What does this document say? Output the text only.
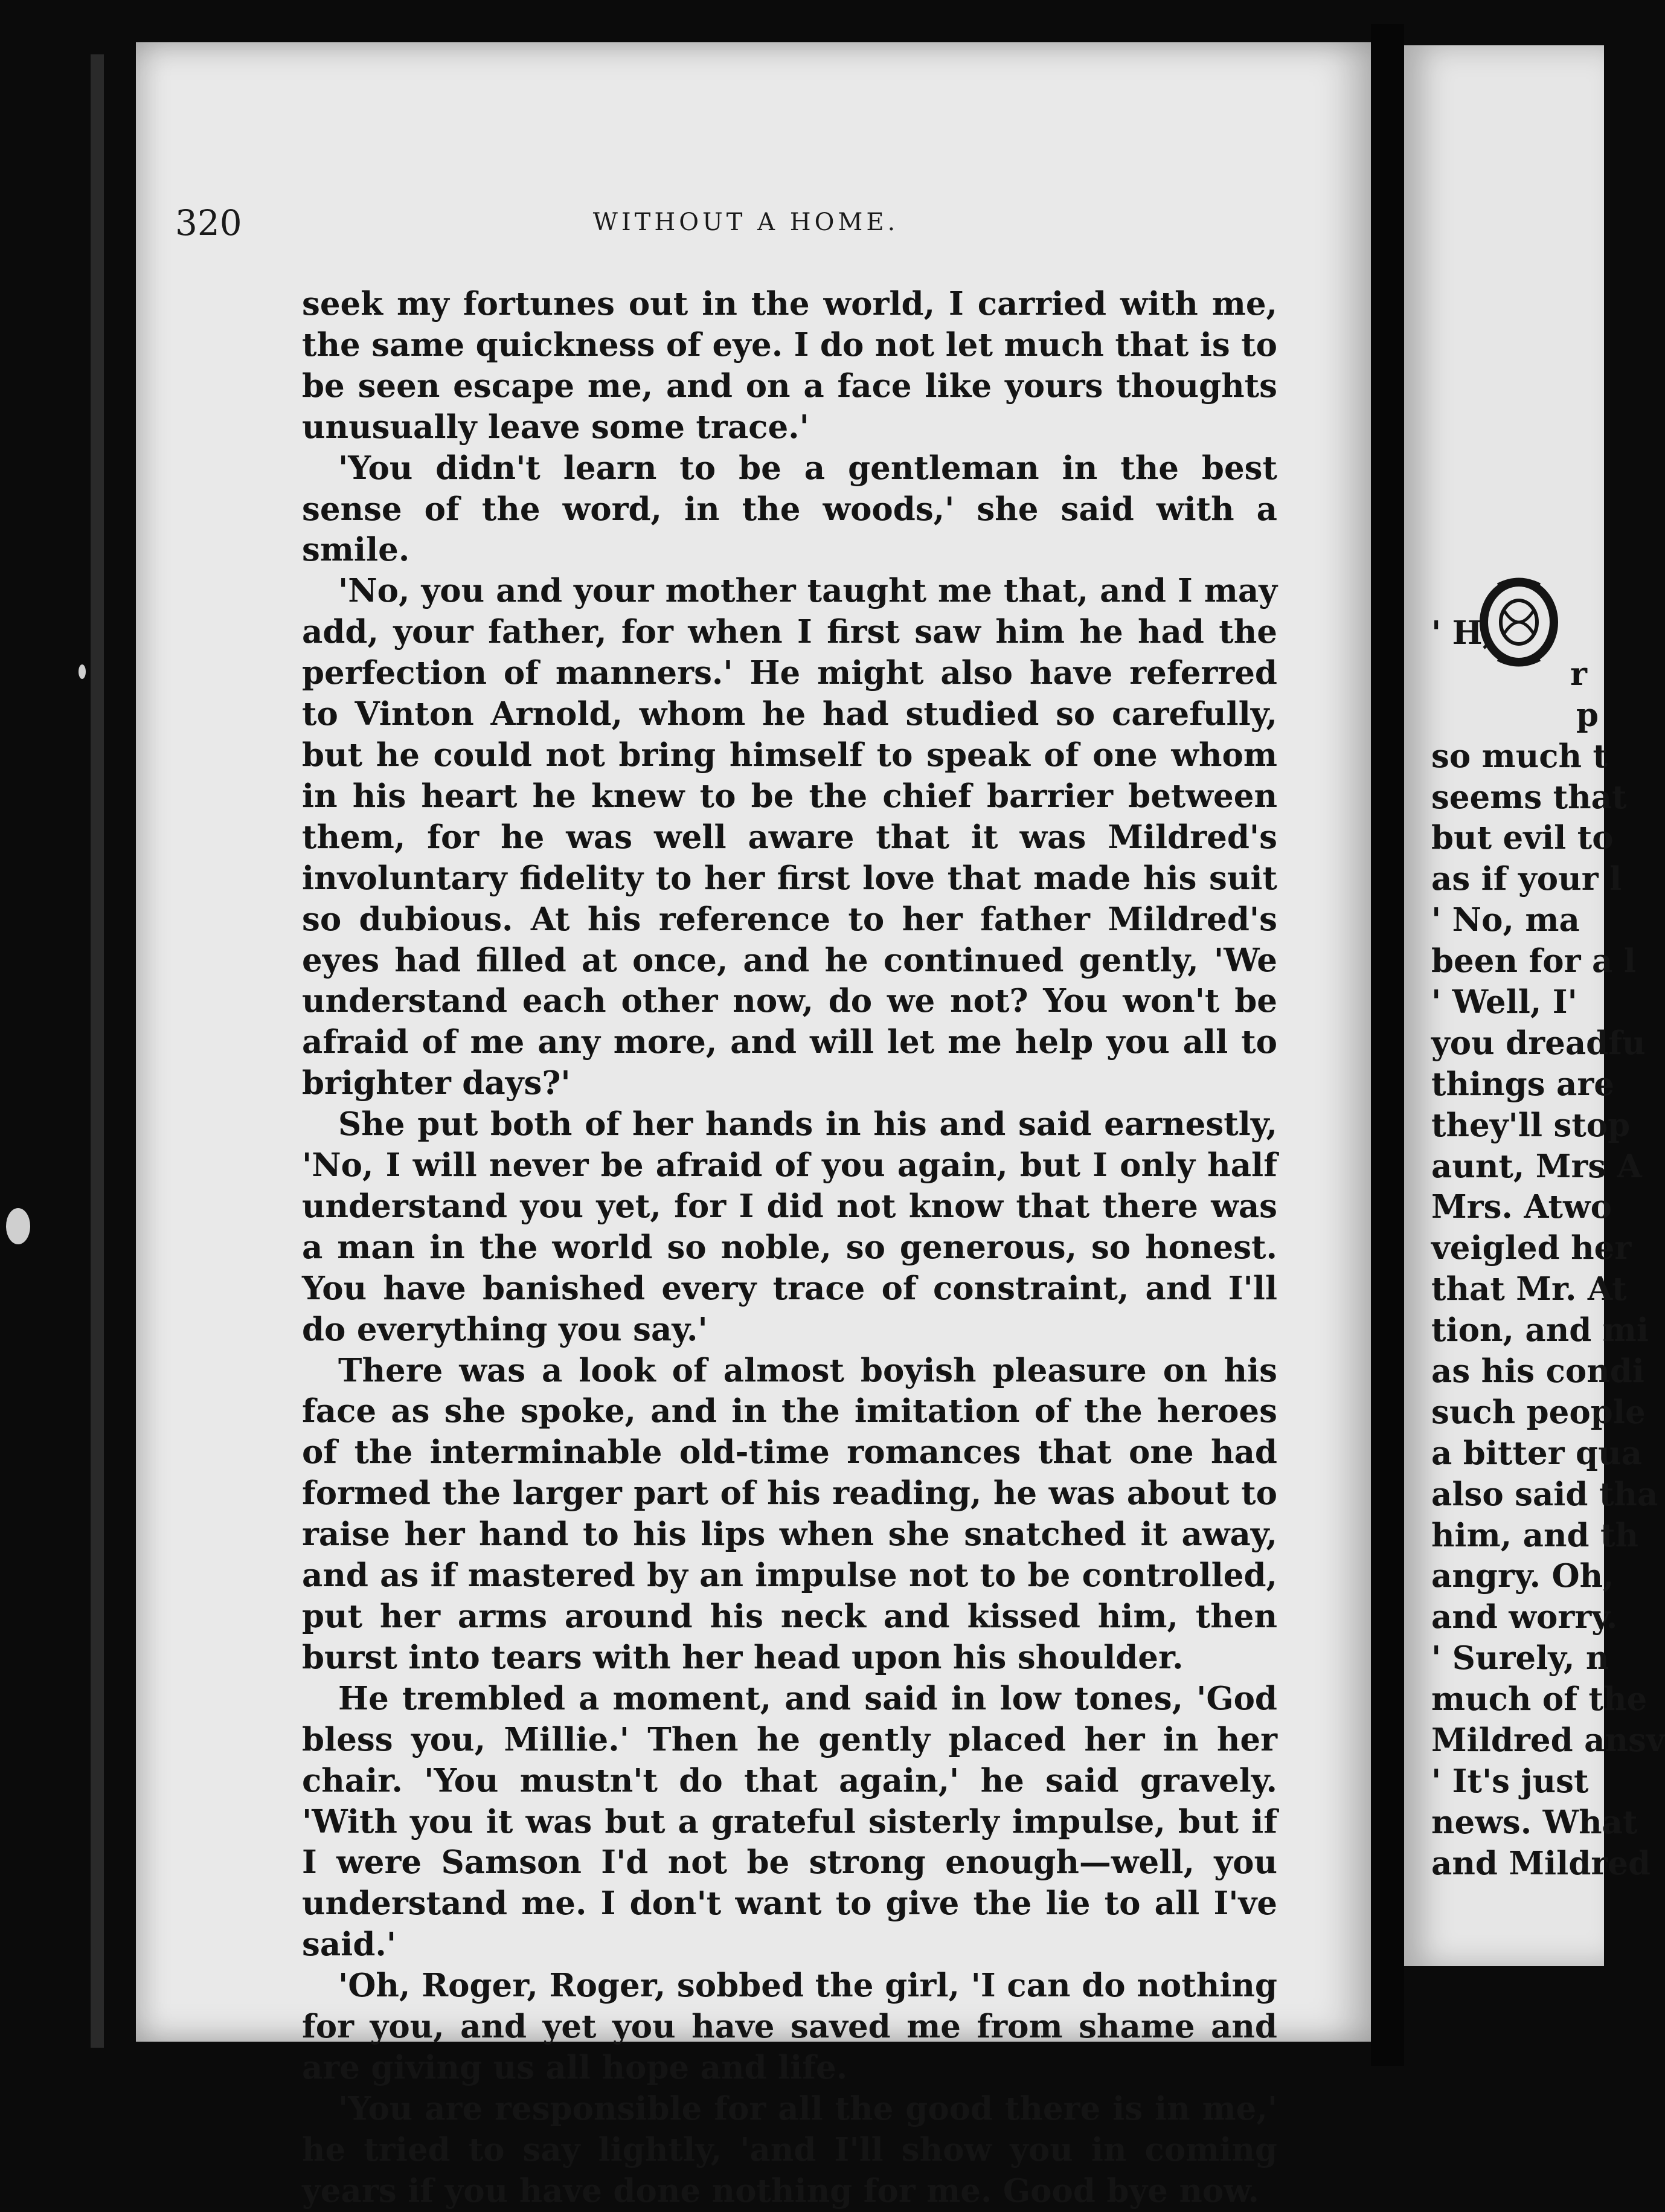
320	WITHOUT A HOME.

seek my fortunes out in the world, I carried with me, the same quickness of eye. I do not let much that is to be seen escape me, and on a face like yours thoughts unusually leave some trace.'

'You didn't learn to be a gentleman in the best sense of the word, in the woods,' she said with a smile.

'No, you and your mother taught me that, and I may add, your father, for when I first saw him he had the perfection of manners.' He might also have referred to Vinton Arnold, whom he had studied so carefully, but he could not bring himself to speak of one whom in his heart he knew to be the chief barrier between them, for he was well aware that it was Mildred's involuntary fidelity to her first love that made his suit so dubious. At his reference to her father Mildred's eyes had filled at once, and he continued gently, 'We understand each other now, do we not? You won't be afraid of me any more, and will let me help you all to brighter days?'

She put both of her hands in his and said earnestly, 'No, I will never be afraid of you again, but I only half understand you yet, for I did not know that there was a man in the world so noble, so generous, so honest. You have banished every trace of constraint, and I'll do everything you say.'

There was a look of almost boyish pleasure on his face as she spoke, and in the imitation of the heroes of the interminable old-time romances that one had formed the larger part of his reading, he was about to raise her hand to his lips when she snatched it away, and as if mastered by an impulse not to be controlled, put her arms around his neck and kissed him, then burst into tears with her head upon his shoulder.

He trembled a moment, and said in low tones, 'God bless you, Millie.' Then he gently placed her in her chair. 'You mustn't do that again,' he said gravely. 'With you it was but a grateful sisterly impulse, but if I were Samson I'd not be strong enough—well, you understand me. I don't want to give the lie to all I've said.'

'Oh, Roger, Roger, sobbed the girl, 'I can do nothing for you, and yet you have saved me from shame and are giving us all hope and life.

'You are responsible for all the good there is in me,' he tried to say lightly, 'and I'll show you in coming years if you have done nothing for me. Good bye now.

' H,
r
p
so much t
seems that
but evil to
as if your l
' No, ma
been for a l
' Well, I'
you dreadfu
things are
they'll stop
aunt, Mrs A
Mrs. Atwo
veigled her
that Mr. At
tion, and mi
as his condi
such people
a bitter qua
also said tha
him, and th
angry. Oh,
and worry.
' Surely, n
much of the
Mildred ansv
' It's just
news. What
and Mildred
